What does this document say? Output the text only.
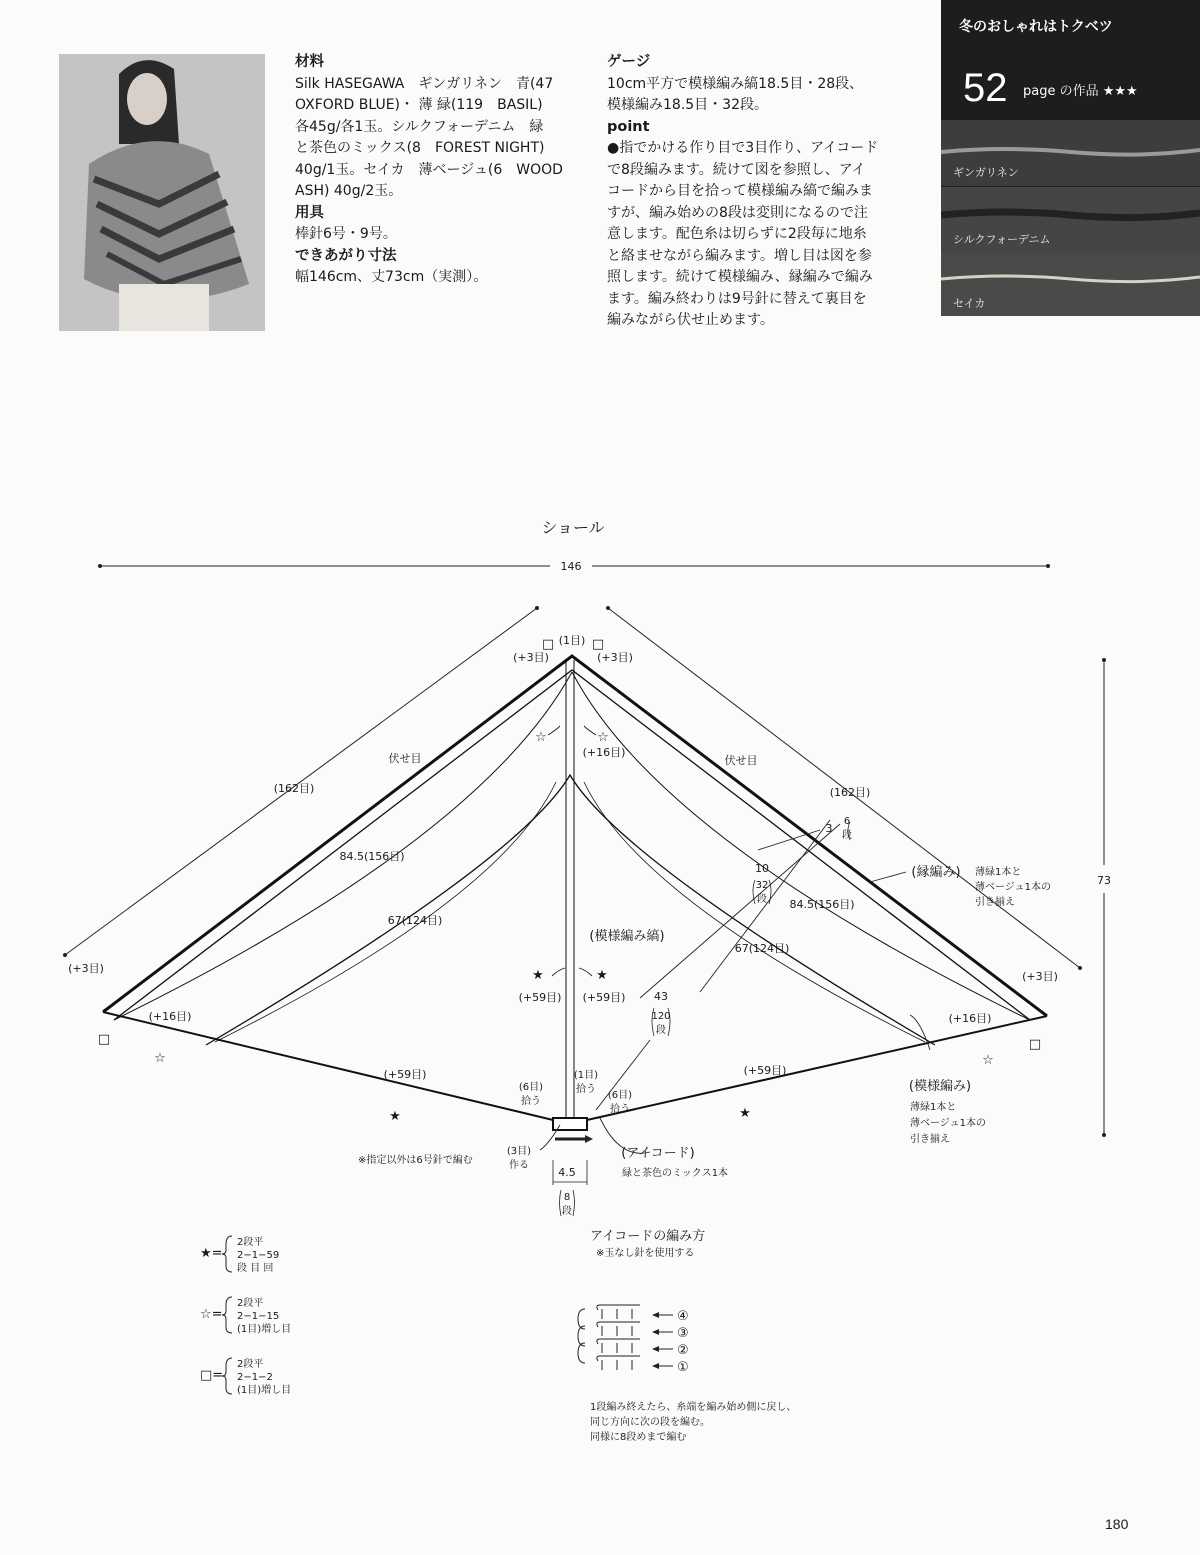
材料
Silk HASEGAWA　ギンガリネン　青(47
OXFORD BLUE)・ 薄 緑(119　BASIL)
各45g/各1玉。シルクフォーデニム　緑
と茶色のミックス(8　FOREST NIGHT)
40g/1玉。セイカ　薄ベージュ(6　WOOD
ASH) 40g/2玉。
用具
棒針6号・9号。
できあがり寸法
幅146cm、丈73cm（実測）。
ゲージ
10cm平方で模様編み縞18.5目・28段、
模様編み18.5目・32段。
point
●指でかける作り目で3目作り、アイコード
で8段編みます。続けて図を参照し、アイ
コードから目を拾って模様編み縞で編みま
すが、編み始めの8段は変則になるので注
意します。配色糸は切らずに2段毎に地糸
と絡ませながら編みます。増し目は図を参
照します。続けて模様編み、縁編みで編み
ます。編み終わりは9号針に替えて裏目を
編みながら伏せ止めます。
冬のおしゃれはトクベツ
52 page の作品 ★★★
ギンガリネン
シルクフォーデニム
セイカ
ショール
146
73
(1目)
□	□
(+3目)	(+3目)
☆	☆
(+16目)
伏せ目	伏せ目
(162目)	(162目)
84.5(156目)
84.5(156目)
67(124目)
67(124目)
3
6
段
10
32
段
43
120
段
(模様編み縞)
(縁編み) 薄緑1本と
薄ベージュ1本の
引き揃え
★	★
(+59目) (+59目)
(+3目)
□
(+16目)
☆
(+59目)
★
(+3目)
□
(+16目)
☆
(+59目)
★
(模様編み)
薄緑1本と
薄ベージュ1本の
引き揃え
(6目)
拾う
(1目)
拾う
(6目)
拾う
(3目)
作る
(アイコード)
緑と茶色のミックス1本
※指定以外は6号針で編む
4.5
8
段
★=
2段平
2−1−59
段 目 回
☆=
2段平
2−1−15
(1目)増し目
□=
2段平
2−1−2
(1目)増し目
アイコードの編み方
※玉なし針を使用する
④
③
②
①
1段編み終えたら、糸端を編み始め側に戻し、
同じ方向に次の段を編む。
同様に8段めまで編む
180
